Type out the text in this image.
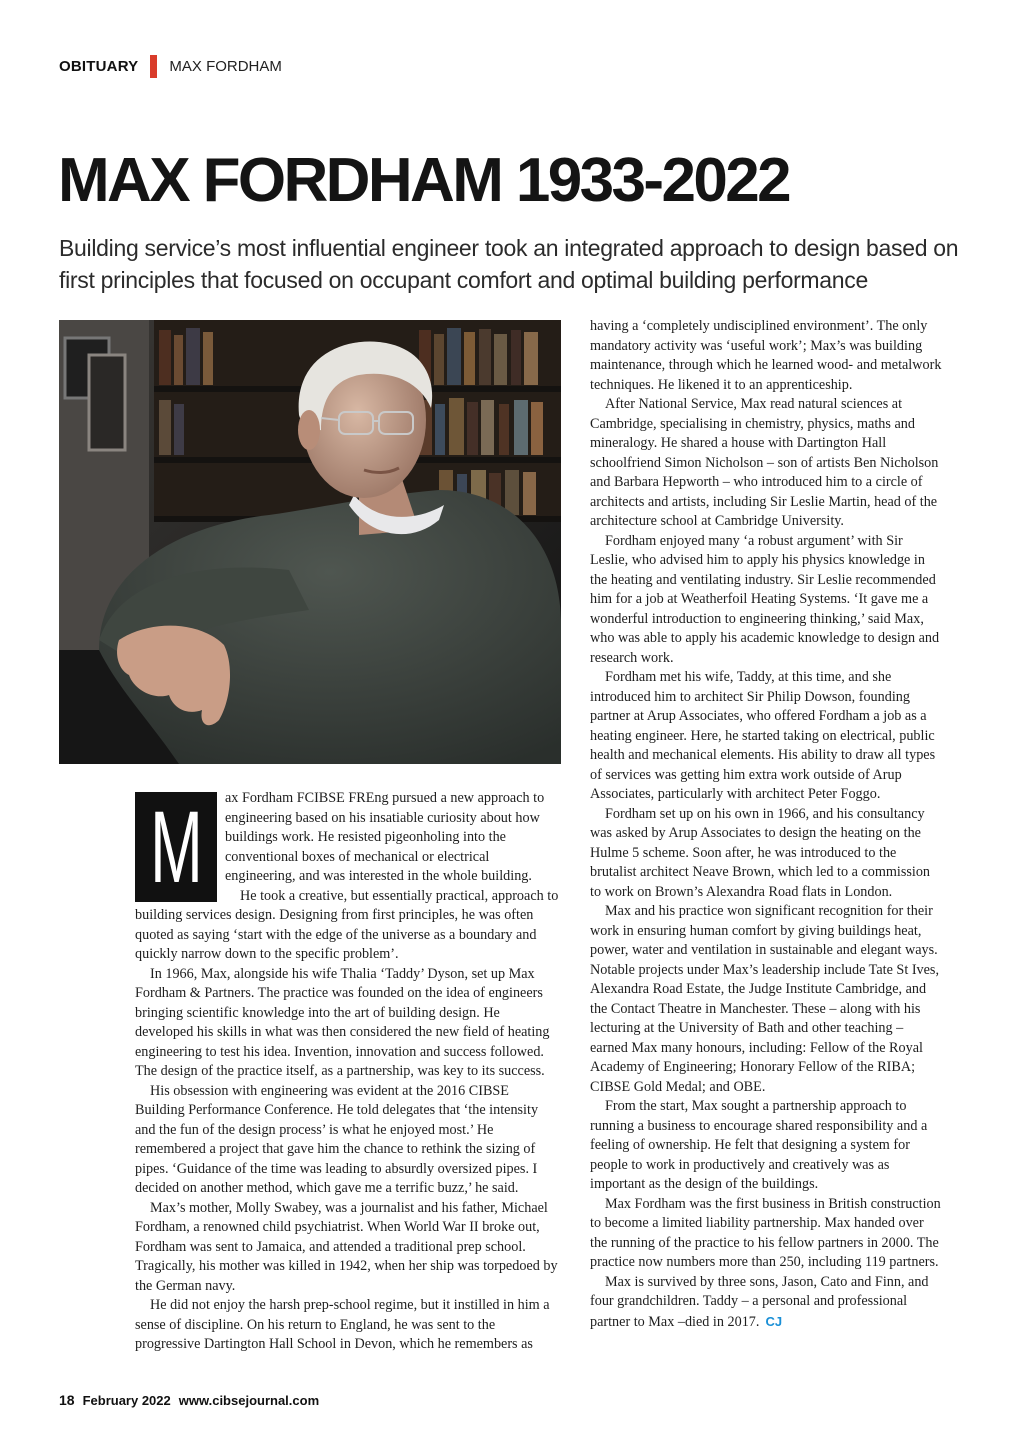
OBITUARY MAX FORDHAM
MAX FORDHAM 1933-2022

Building service’s most influential engineer took an integrated approach to design based on first principles that focused on occupant comfort and optimal building performance

M	ax Fordham FCIBSE FREng pursued a new approach to engineering based on his insatiable curiosity about how buildings work. He resisted pigeonholing into the conventional boxes of mechanical or electrical engineering, and was interested in the whole building.

He took a creative, but essentially practical, approach to building services design. Designing from first principles, he was often quoted as saying ‘start with the edge of the universe as a boundary and quickly narrow down to the specific problem’.

In 1966, Max, alongside his wife Thalia ‘Taddy’ Dyson, set up Max Fordham & Partners. The practice was founded on the idea of engineers bringing scientific knowledge into the art of building design. He developed his skills in what was then considered the new field of heating engineering to test his idea. Invention, innovation and success followed. The design of the practice itself, as a partnership, was key to its success.

His obsession with engineering was evident at the 2016 CIBSE Building Performance Conference. He told delegates that ‘the intensity and the fun of the design process’ is what he enjoyed most.’ He remembered a project that gave him the chance to rethink the sizing of pipes. ‘Guidance of the time was leading to absurdly oversized pipes. I decided on another method, which gave me a terrific buzz,’ he said.

Max’s mother, Molly Swabey, was a journalist and his father, Michael Fordham, a renowned child psychiatrist. When World War II broke out, Fordham was sent to Jamaica, and attended a traditional prep school. Tragically, his mother was killed in 1942, when her ship was torpedoed by the German navy.

He did not enjoy the harsh prep-school regime, but it instilled in him a sense of discipline. On his return to England, he was sent to the progressive Dartington Hall School in Devon, which he remembers as

having a ‘completely undisciplined environment’. The only mandatory activity was ‘useful work’; Max’s was building maintenance, through which he learned wood- and metalwork techniques. He likened it to an apprenticeship.

After National Service, Max read natural sciences at Cambridge, specialising in chemistry, physics, maths and mineralogy. He shared a house with Dartington Hall schoolfriend Simon Nicholson – son of artists Ben Nicholson and Barbara Hepworth – who introduced him to a circle of architects and artists, including Sir Leslie Martin, head of the architecture school at Cambridge University.

Fordham enjoyed many ‘a robust argument’ with Sir Leslie, who advised him to apply his physics knowledge in the heating and ventilating industry. Sir Leslie recommended him for a job at Weatherfoil Heating Systems. ‘It gave me a wonderful introduction to engineering thinking,’ said Max, who was able to apply his academic knowledge to design and research work.

Fordham met his wife, Taddy, at this time, and she introduced him to architect Sir Philip Dowson, founding partner at Arup Associates, who offered Fordham a job as a heating engineer. Here, he started taking on electrical, public health and mechanical elements. His ability to draw all types of services was getting him extra work outside of Arup Associates, particularly with architect Peter Foggo.

Fordham set up on his own in 1966, and his consultancy was asked by Arup Associates to design the heating on the Hulme 5 scheme. Soon after, he was introduced to the brutalist architect Neave Brown, which led to a commission to work on Brown’s Alexandra Road flats in London.

Max and his practice won significant recognition for their work in ensuring human comfort by giving buildings heat, power, water and ventilation in sustainable and elegant ways. Notable projects under Max’s leadership include Tate St Ives, Alexandra Road Estate, the Judge Institute Cambridge, and the Contact Theatre in Manchester. These – along with his lecturing at the University of Bath and other teaching – earned Max many honours, including: Fellow of the Royal Academy of Engineering; Honorary Fellow of the RIBA; CIBSE Gold Medal; and OBE.

From the start, Max sought a partnership approach to running a business to encourage shared responsibility and a feeling of ownership. He felt that designing a system for people to work in productively and creatively was as important as the design of the buildings.

Max Fordham was the first business in British construction to become a limited liability partnership. Max handed over the running of the practice to his fellow partners in 2000. The practice now numbers more than 250, including 119 partners.

Max is survived by three sons, Jason, Cato and Finn, and four grandchildren. Taddy – a personal and professional partner to Max –died in 2017. CJ

18 February 2022 www.cibsejournal.com
